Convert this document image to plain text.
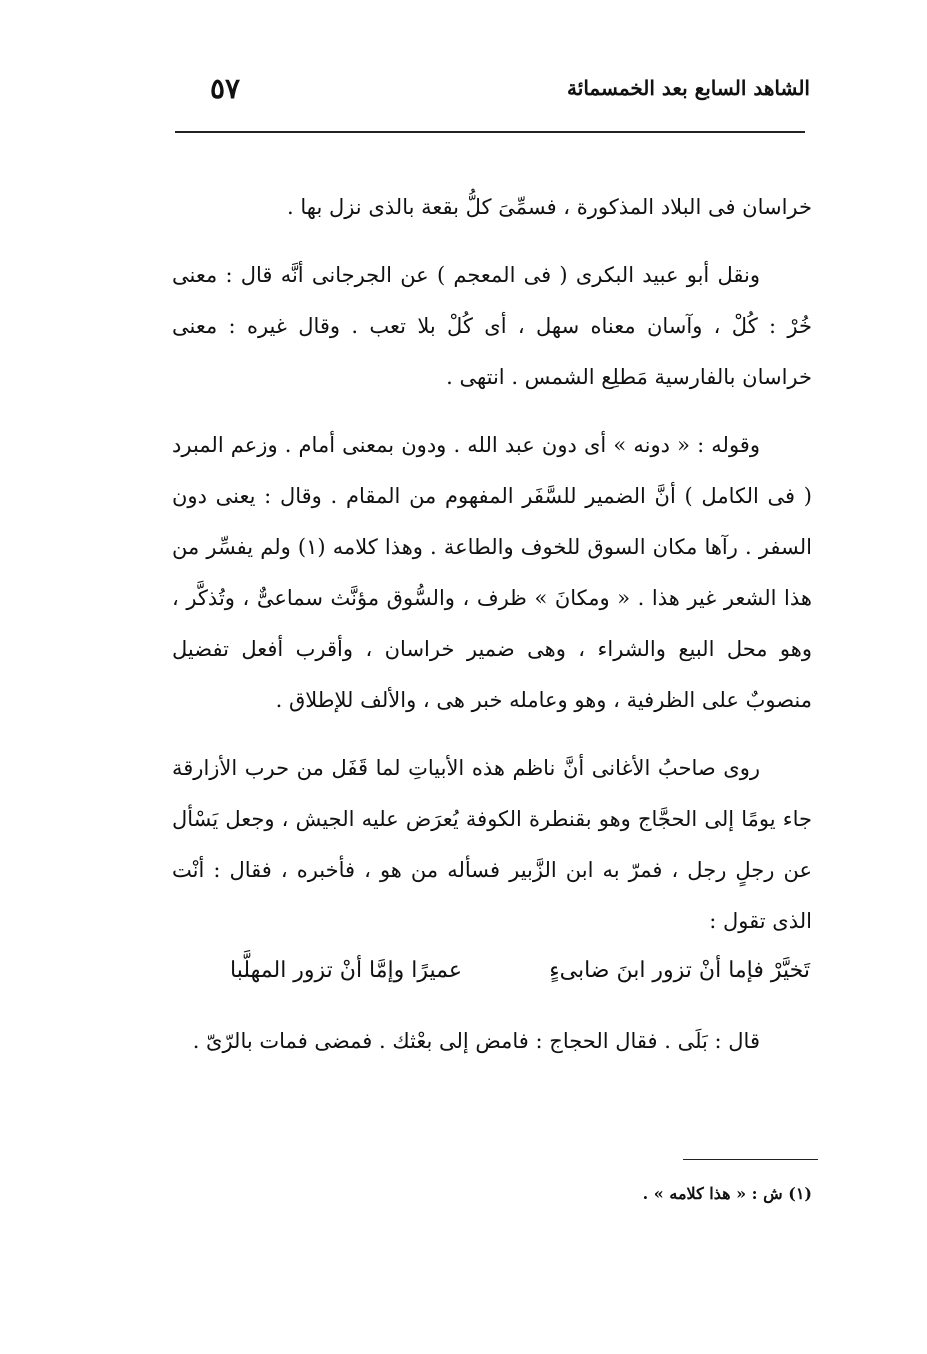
الشاهد السابع بعد الخمسمائة
٥٧

خراسان فى البلاد المذكورة ، فسمِّىَ كلُّ بقعة بالذى نزل بها .

ونقل أبو عبيد البكرى ( فى المعجم ) عن الجرجانى أنَّه قال : معنى خُرْ : كُلْ ، وآسان معناه سهل ، أى كُلْ بلا تعب . وقال غيره : معنى خراسان بالفارسية مَطلِع الشمس . انتهى .

وقوله : « دونه » أى دون عبد الله . ودون بمعنى أمام . وزعم المبرد ( فى الكامل ) أنَّ الضمير للسَّفَر المفهوم من المقام . وقال : يعنى دون السفر . رآها مكان السوق للخوف والطاعة . وهذا كلامه (١) ولم يفسِّر من هذا الشعر غير هذا . « ومكانَ » ظرف ، والسُّوق مؤنَّث سماعىٌّ ، وتُذكَّر ، وهو محل البيع والشراء ، وهى ضمير خراسان ، وأقرب أفعل تفضيل منصوبٌ على الظرفية ، وهو وعامله خبر هى ، والألف للإطلاق .

روى صاحبُ الأغانى أنَّ ناظم هذه الأبياتِ لما قَفَل من حرب الأزارقة جاء يومًا إلى الحجَّاج وهو بقنطرة الكوفة يُعرَض عليه الجيش ، وجعل يَسْأل عن رجلٍ رجل ، فمرّ به ابن الزَّبير فسأله من هو ، فأخبره ، فقال : أنْت الذى تقول :

تَخيَّرْ فإما أنْ تزور ابنَ ضابىءٍ
عميرًا وإمَّا أنْ تزور المهلَّبا

قال : بَلَى . فقال الحجاج : فامض إلى بعْثك . فمضى فمات بالرّىّ .

(١) ش : « هذا كلامه » .
